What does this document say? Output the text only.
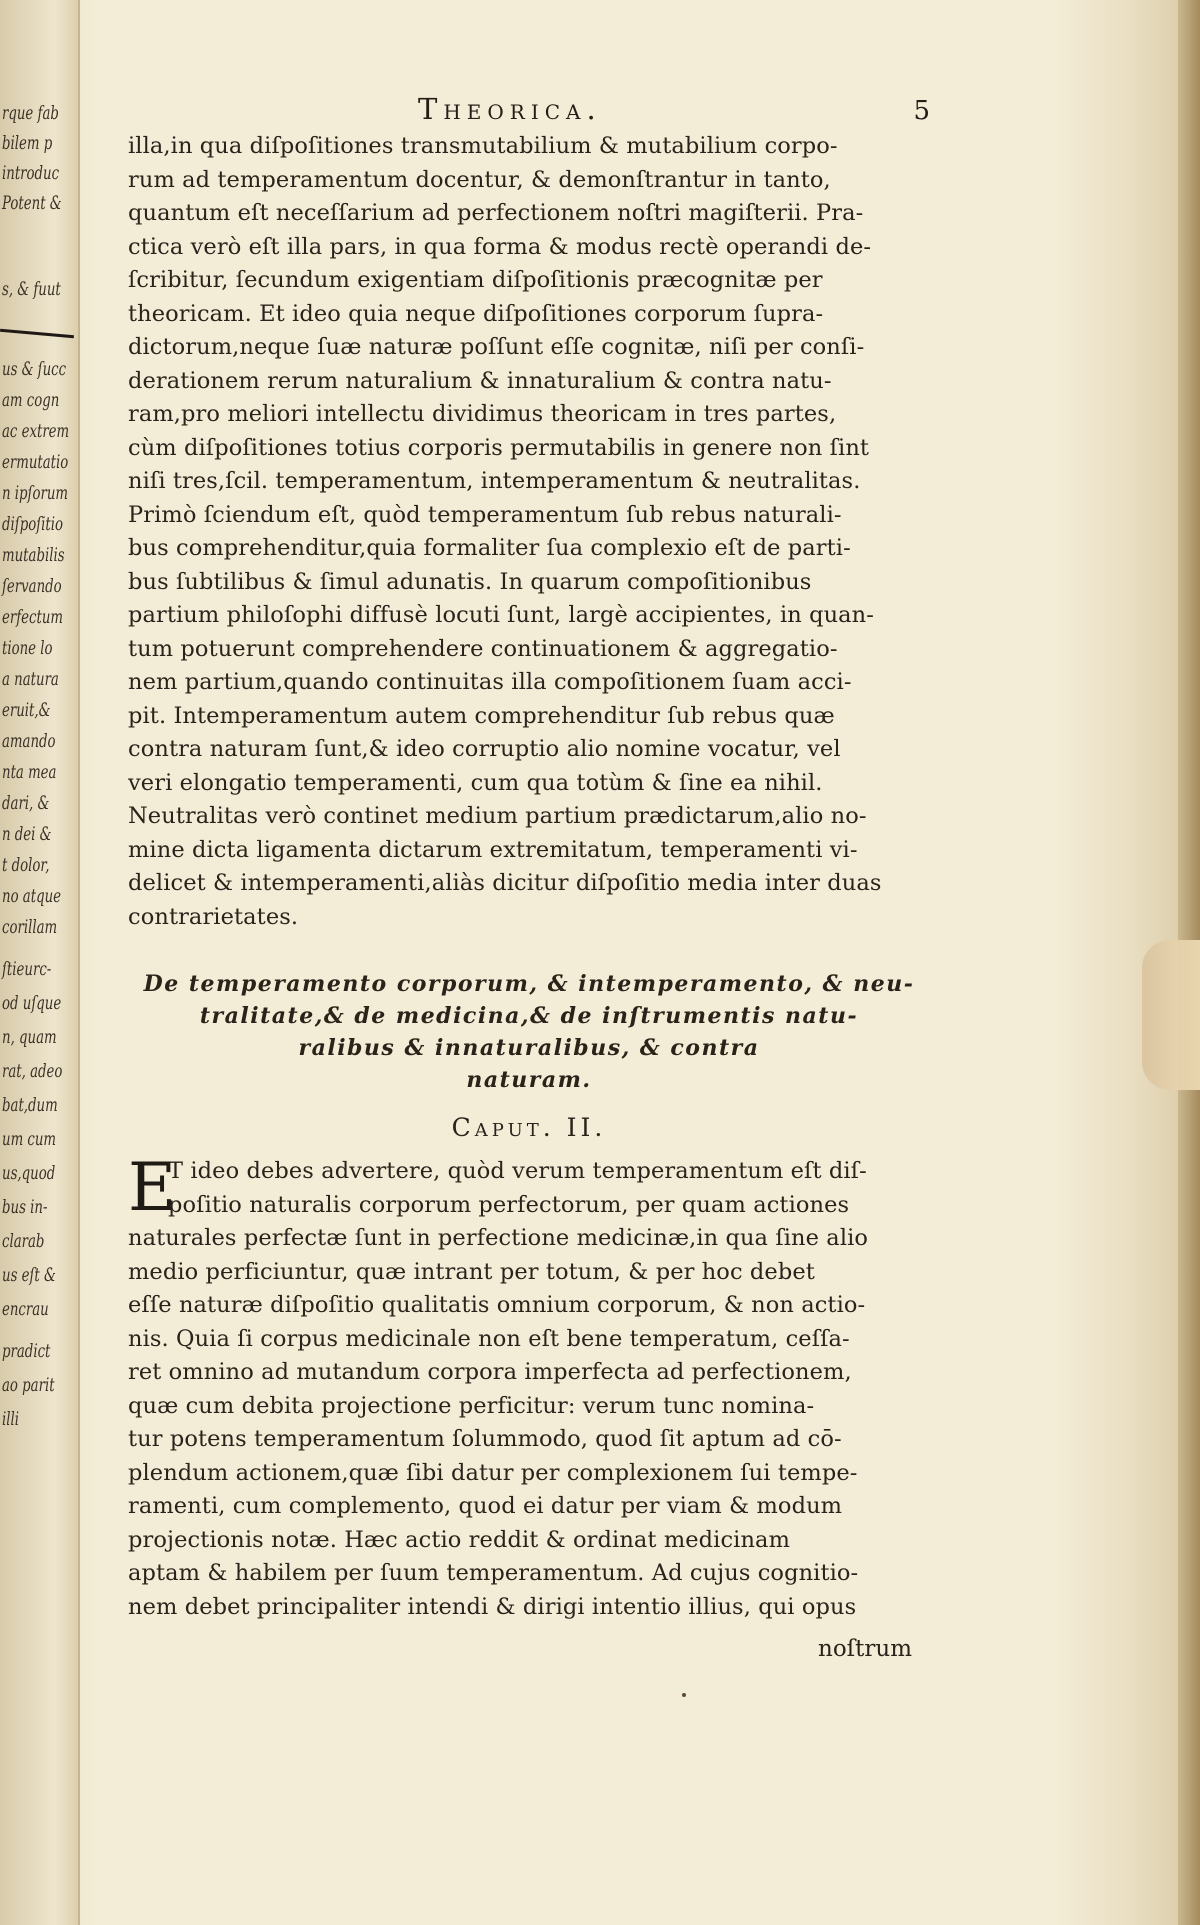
rque fab
bilem p
introduc
Potent &
s, & fuut
us & ſucc
am cogn
ac extrem
ermutatio
n ipſorum
diſpoſitio
mutabilis
ſervando
erfectum
tione lo
a natura
eruit,&
amando
nta mea
dari, &
n dei &
t dolor,
no atque
corillam
ſtieurc-
od uſque
n, quam
rat, adeo
bat,dum
um cum
us,quod
bus in-
clarab
us eſt &
encrau
pradict
ao parit
illi
Theorica.	5
illa,in qua diſpoſitiones transmutabilium & mutabilium corpo-
rum ad temperamentum docentur, & demonſtrantur in tanto,
quantum eſt neceſſarium ad perfectionem noſtri magiſterii. Pra-
ctica verò eſt illa pars, in qua forma & modus rectè operandi de-
ſcribitur, ſecundum exigentiam diſpoſitionis præcognitæ per
theoricam. Et ideo quia neque diſpoſitiones corporum ſupra-
dictorum,neque ſuæ naturæ poſſunt eſſe cognitæ, niſi per conſi-
derationem rerum naturalium & innaturalium & contra natu-
ram,pro meliori intellectu dividimus theoricam in tres partes,
cùm diſpoſitiones totius corporis permutabilis in genere non ſint
niſi tres,ſcil. temperamentum, intemperamentum & neutralitas.
Primò ſciendum eſt, quòd temperamentum ſub rebus naturali-
bus comprehenditur,quia formaliter ſua complexio eſt de parti-
bus ſubtilibus & ſimul adunatis. In quarum compoſitionibus
partium philoſophi diffusè locuti ſunt, largè accipientes, in quan-
tum potuerunt comprehendere continuationem & aggregatio-
nem partium,quando continuitas illa compoſitionem ſuam acci-
pit. Intemperamentum autem comprehenditur ſub rebus quæ
contra naturam ſunt,& ideo corruptio alio nomine vocatur, vel
veri elongatio temperamenti, cum qua totùm & ſine ea nihil.
Neutralitas verò continet medium partium prædictarum,alio no-
mine dicta ligamenta dictarum extremitatum, temperamenti vi-
delicet & intemperamenti,aliàs dicitur diſpoſitio media inter duas
contrarietates.
De temperamento corporum, & intemperamento, & neu-
tralitate,& de medicina,& de inſtrumentis natu-
ralibus & innaturalibus, & contra
naturam.
Caput. II.
E
T ideo debes advertere, quòd verum temperamentum eſt diſ-
poſitio naturalis corporum perfectorum, per quam actiones
naturales perfectæ ſunt in perfectione medicinæ,in qua ſine alio
medio perficiuntur, quæ intrant per totum, & per hoc debet
eſſe naturæ diſpoſitio qualitatis omnium corporum, & non actio-
nis. Quia ſi corpus medicinale non eſt bene temperatum, ceſſa-
ret omnino ad mutandum corpora imperfecta ad perfectionem,
quæ cum debita projectione perficitur: verum tunc nomina-
tur potens temperamentum ſolummodo, quod ſit aptum ad cō-
plendum actionem,quæ ſibi datur per complexionem ſui tempe-
ramenti, cum complemento, quod ei datur per viam & modum
projectionis notæ. Hæc actio reddit & ordinat medicinam
aptam & habilem per ſuum temperamentum. Ad cujus cognitio-
nem debet principaliter intendi & dirigi intentio illius, qui opus
noſtrum
